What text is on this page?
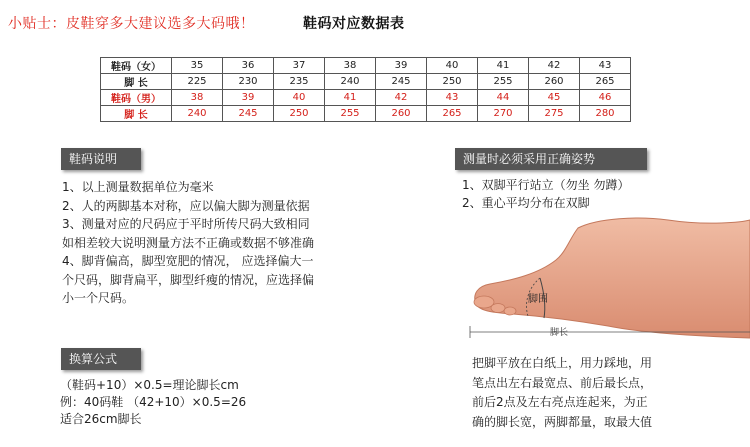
小贴士：皮鞋穿多大建议选多大码哦！	鞋码对应数据表
鞋码（女）	35	36	37	38	39	40	41	42	43
脚 长	225	230	235	240	245	250	255	260	265
鞋码（男）	38	39	40	41	42	43	44	45	46
脚 长	240	245	250	255	260	265	270	275	280
鞋码说明
1、以上测量数据单位为毫米
2、人的两脚基本对称，应以偏大脚为测量依据
3、测量对应的尺码应于平时所传尺码大致相同
如相差较大说明测量方法不正确或数据不够准确
4、脚背偏高，脚型宽肥的情况， 应选择偏大一
个尺码，脚背扁平，脚型纤瘦的情况，应选择偏
小一个尺码。
测量时必须采用正确姿势
1、双脚平行站立（勿坐 勿蹲）
2、重心平均分布在双脚
脚围
脚长
换算公式
（鞋码+10）×0.5=理论脚长cm
例：40码鞋 （42+10）×0.5=26
适合26cm脚长
把脚平放在白纸上，用力踩地，用
笔点出左右最宽点、前后最长点，
前后2点及左右亮点连起来，为正
确的脚长宽，两脚都量，取最大值
